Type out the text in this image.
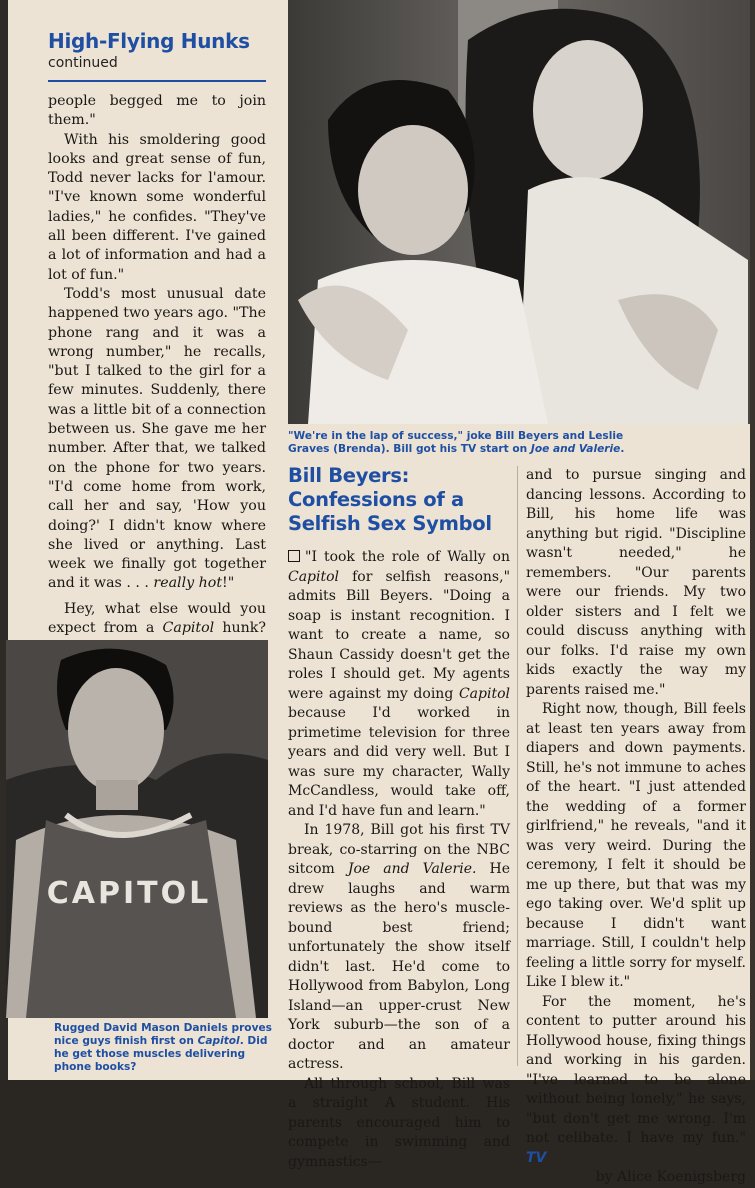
High-Flying Hunks
continued

people begged me to join them."

With his smoldering good looks and great sense of fun, Todd never lacks for l'amour. "I've known some wonderful ladies," he confides. "They've all been different. I've gained a lot of information and had a lot of fun."

Todd's most unusual date happened two years ago. "The phone rang and it was a wrong number," he recalls, "but I talked to the girl for a few minutes. Suddenly, there was a little bit of a connection between us. She gave me her number. After that, we talked on the phone for two years. "I'd come home from work, call her and say, 'How you doing?' I didn't know where she lived or anything. Last week we finally got together and it was . . . really hot!"

Hey, what else would you expect from a Capitol hunk?

"We're in the lap of success," joke Bill Beyers and Leslie Graves (Brenda). Bill got his TV start on Joe and Valerie.
CAPITOL
Rugged David Mason Daniels proves nice guys finish first on Capitol. Did he get those muscles delivering phone books?
Bill Beyers:
Confessions of a
Selfish Sex Symbol

"I took the role of Wally on Capitol for selfish reasons," admits Bill Beyers. "Doing a soap is instant recognition. I want to create a name, so Shaun Cassidy doesn't get the roles I should get. My agents were against my doing Capitol because I'd worked in primetime television for three years and did very well. But I was sure my character, Wally McCandless, would take off, and I'd have fun and learn."

In 1978, Bill got his first TV break, co-starring on the NBC sitcom Joe and Valerie. He drew laughs and warm reviews as the hero's muscle-bound best friend; unfortunately the show itself didn't last. He'd come to Hollywood from Babylon, Long Island—an upper-crust New York suburb—the son of a doctor and an amateur actress.

All through school, Bill was a straight A student. His parents encouraged him to compete in swimming and gymnastics—

and to pursue singing and dancing lessons. According to Bill, his home life was anything but rigid. "Discipline wasn't needed," he remembers. "Our parents were our friends. My two older sisters and I felt we could discuss anything with our folks. I'd raise my own kids exactly the way my parents raised me."

Right now, though, Bill feels at least ten years away from diapers and down payments. Still, he's not immune to aches of the heart. "I just attended the wedding of a former girlfriend," he reveals, "and it was very weird. During the ceremony, I felt it should be me up there, but that was my ego taking over. We'd split up because I didn't want marriage. Still, I couldn't help feeling a little sorry for myself. Like I blew it."

For the moment, he's content to putter around his Hollywood house, fixing things and working in his garden. "I've learned to be alone without being lonely," he says, "but don't get me wrong. I'm not celibate. I have my fun." TV

by Alice Koenigsberg
